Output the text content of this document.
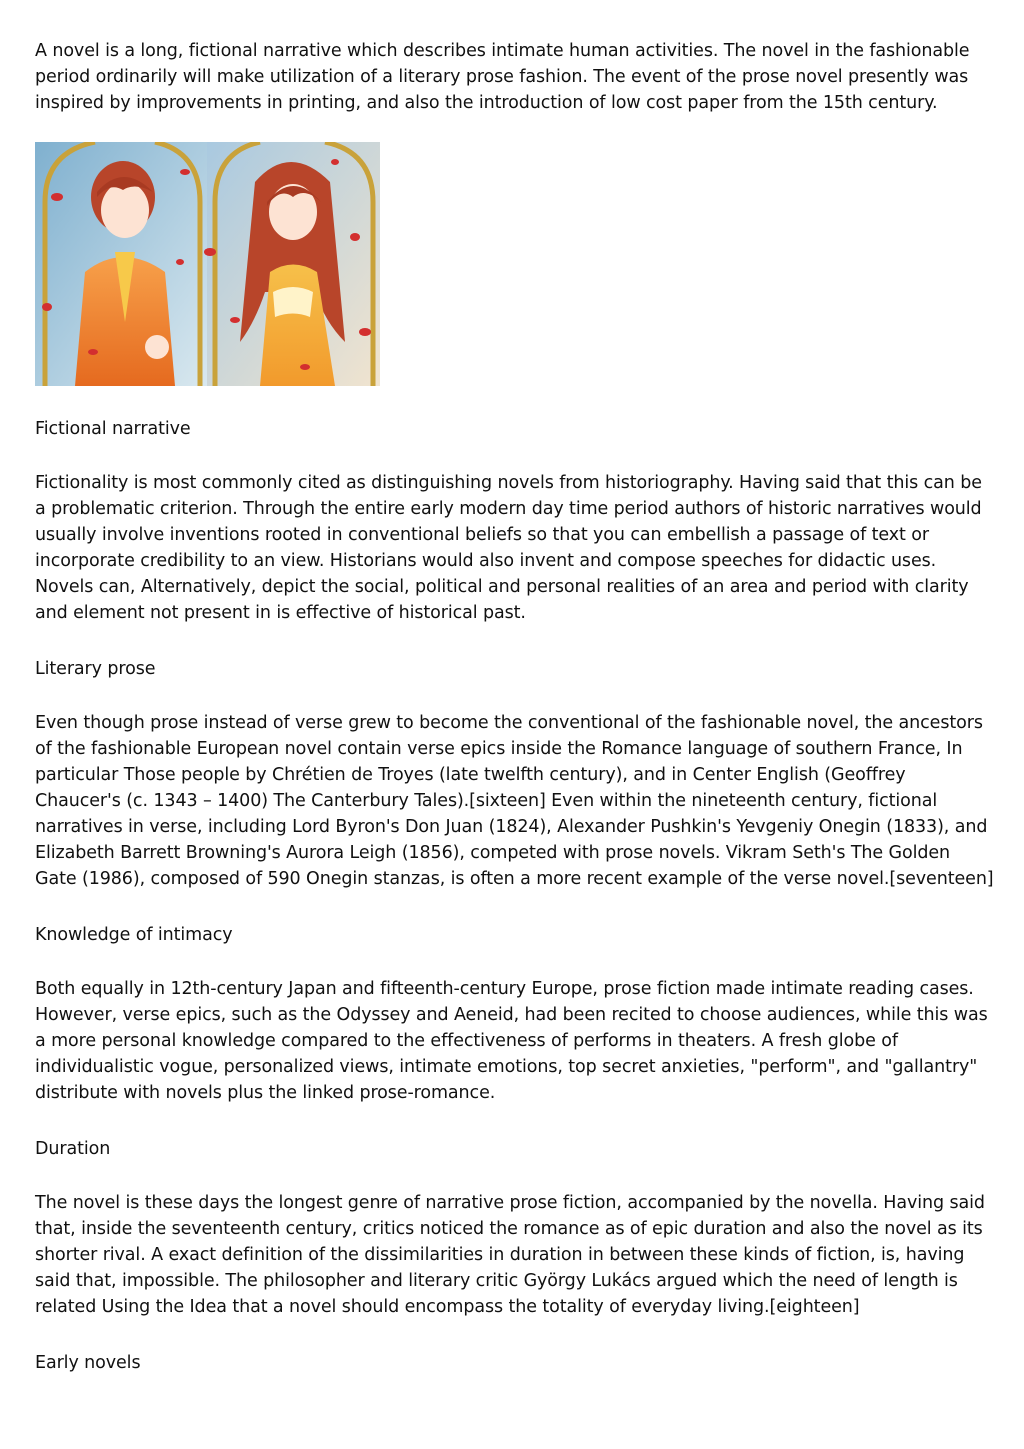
A novel is a long, fictional narrative which describes intimate human activities. The novel in the fashionable period ordinarily will make utilization of a literary prose fashion. The event of the prose novel presently was inspired by improvements in printing, and also the introduction of low cost paper from the 15th century.

Fictional narrative

Fictionality is most commonly cited as distinguishing novels from historiography. Having said that this can be a problematic criterion. Through the entire early modern day time period authors of historic narratives would usually involve inventions rooted in conventional beliefs so that you can embellish a passage of text or incorporate credibility to an view. Historians would also invent and compose speeches for didactic uses. Novels can, Alternatively, depict the social, political and personal realities of an area and period with clarity and element not present in is effective of historical past.

Literary prose

Even though prose instead of verse grew to become the conventional of the fashionable novel, the ancestors of the fashionable European novel contain verse epics inside the Romance language of southern France, In particular Those people by Chrétien de Troyes (late twelfth century), and in Center English (Geoffrey Chaucer's (c. 1343 – 1400) The Canterbury Tales).[sixteen] Even within the nineteenth century, fictional narratives in verse, including Lord Byron's Don Juan (1824), Alexander Pushkin's Yevgeniy Onegin (1833), and Elizabeth Barrett Browning's Aurora Leigh (1856), competed with prose novels. Vikram Seth's The Golden Gate (1986), composed of 590 Onegin stanzas, is often a more recent example of the verse novel.[seventeen]

Knowledge of intimacy

Both equally in 12th-century Japan and fifteenth-century Europe, prose fiction made intimate reading cases. However, verse epics, such as the Odyssey and Aeneid, had been recited to choose audiences, while this was a more personal knowledge compared to the effectiveness of performs in theaters. A fresh globe of individualistic vogue, personalized views, intimate emotions, top secret anxieties, "perform", and "gallantry" distribute with novels plus the linked prose-romance.

Duration

The novel is these days the longest genre of narrative prose fiction, accompanied by the novella. Having said that, inside the seventeenth century, critics noticed the romance as of epic duration and also the novel as its shorter rival. A exact definition of the dissimilarities in duration in between these kinds of fiction, is, having said that, impossible. The philosopher and literary critic György Lukács argued which the need of length is related Using the Idea that a novel should encompass the totality of everyday living.[eighteen]

Early novels
